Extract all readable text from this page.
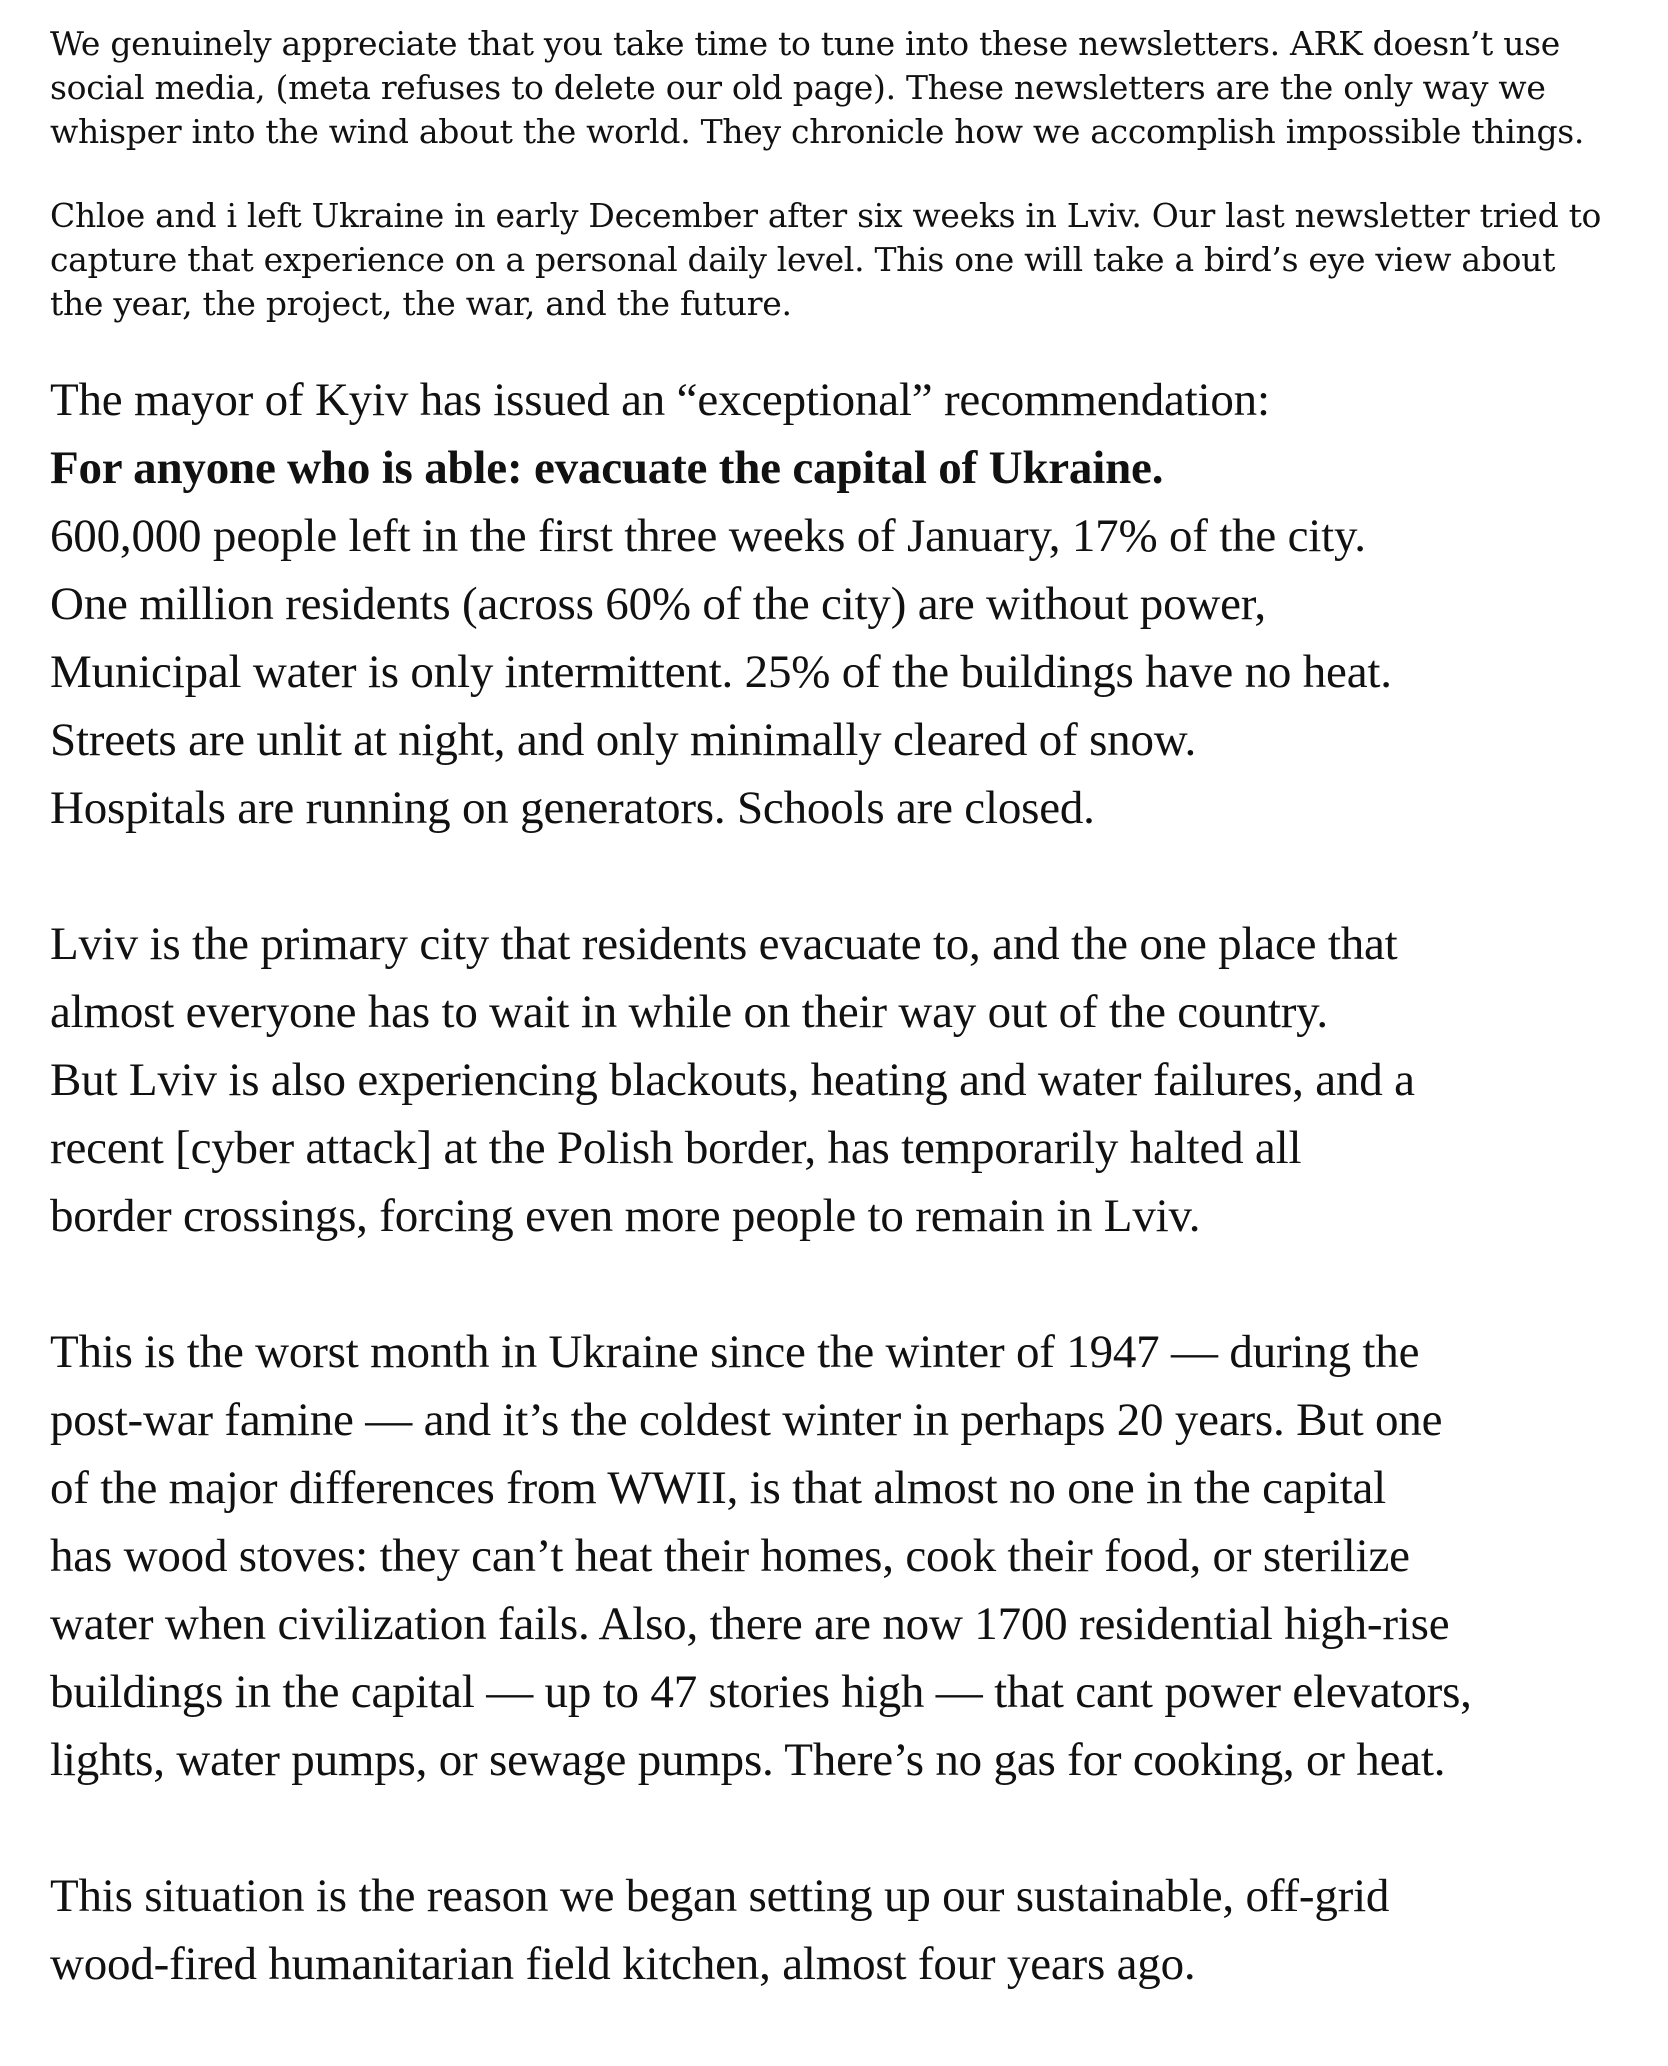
We genuinely appreciate that you take time to tune into these newsletters. ARK doesn’t use
social media, (meta refuses to delete our old page). These newsletters are the only way we
whisper into the wind about the world. They chronicle how we accomplish impossible things.

Chloe and i left Ukraine in early December after six weeks in Lviv. Our last newsletter tried to
capture that experience on a personal daily level. This one will take a bird’s eye view about
the year, the project, the war, and the future.

The mayor of Kyiv has issued an “exceptional” recommendation:
For anyone who is able: evacuate the capital of Ukraine.
600,000 people left in the first three weeks of January, 17% of the city.
One million residents (across 60% of the city) are without power,
Municipal water is only intermittent. 25% of the buildings have no heat.
Streets are unlit at night, and only minimally cleared of snow.
Hospitals are running on generators. Schools are closed.

Lviv is the primary city that residents evacuate to, and the one place that
almost everyone has to wait in while on their way out of the country.
But Lviv is also experiencing blackouts, heating and water failures, and a
recent [cyber attack] at the Polish border, has temporarily halted all
border crossings, forcing even more people to remain in Lviv.

This is the worst month in Ukraine since the winter of 1947 — during the
post-war famine — and it’s the coldest winter in perhaps 20 years. But one
of the major differences from WWII, is that almost no one in the capital
has wood stoves: they can’t heat their homes, cook their food, or sterilize
water when civilization fails. Also, there are now 1700 residential high-rise
buildings in the capital — up to 47 stories high — that cant power elevators,
lights, water pumps, or sewage pumps. There’s no gas for cooking, or heat.

This situation is the reason we began setting up our sustainable, off-grid
wood-fired humanitarian field kitchen, almost four years ago.
